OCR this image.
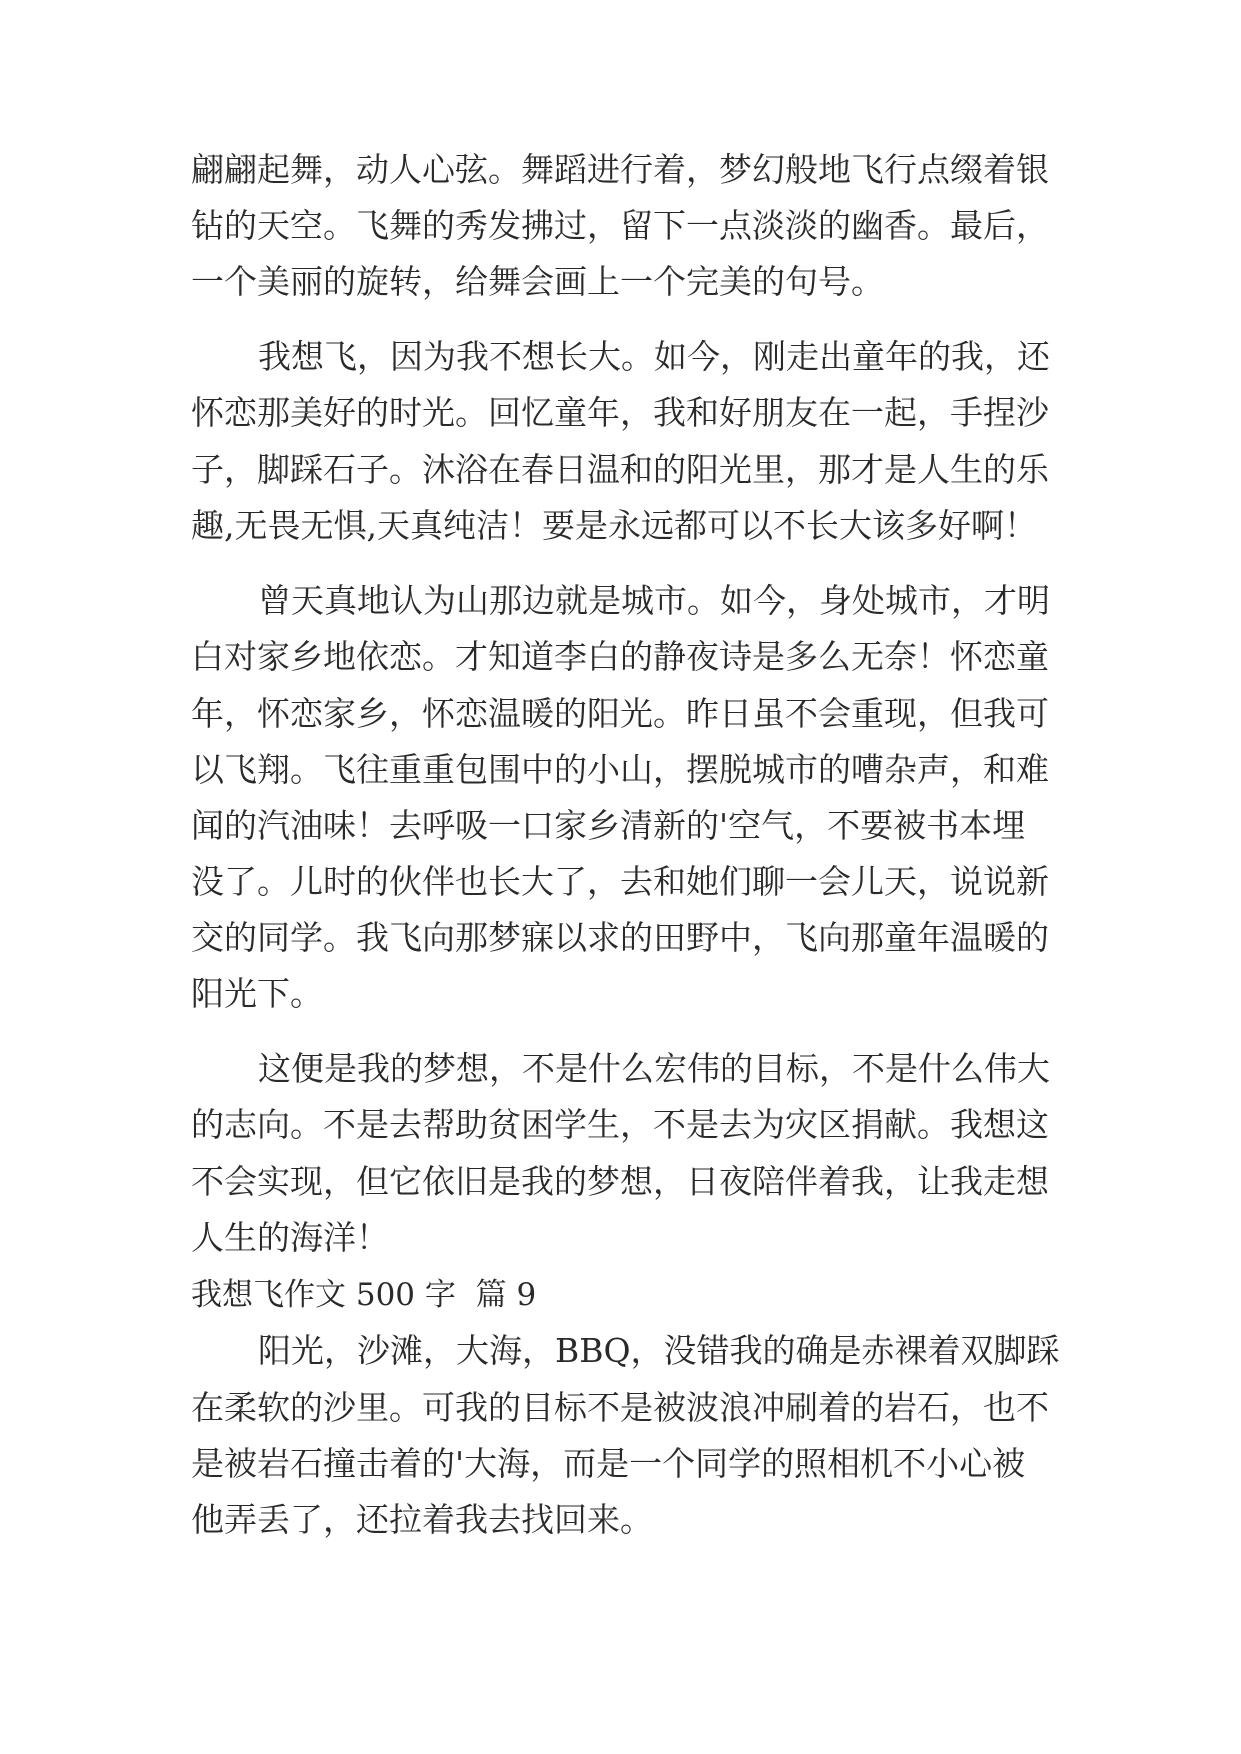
翩翩起舞，动人心弦。舞蹈进行着，梦幻般地飞行点缀着银
钻的天空。飞舞的秀发拂过，留下一点淡淡的幽香。最后，
一个美丽的旋转，给舞会画上一个完美的句号。
我想飞，因为我不想长大。如今，刚走出童年的我，还
怀恋那美好的时光。回忆童年，我和好朋友在一起，手捏沙
子，脚踩石子。沐浴在春日温和的阳光里，那才是人生的乐
趣,无畏无惧,天真纯洁！要是永远都可以不长大该多好啊！
曾天真地认为山那边就是城市。如今，身处城市，才明
白对家乡地依恋。才知道李白的静夜诗是多么无奈！怀恋童
年，怀恋家乡，怀恋温暖的阳光。昨日虽不会重现，但我可
以飞翔。飞往重重包围中的小山，摆脱城市的嘈杂声，和难
闻的汽油味！去呼吸一口家乡清新的'空气，不要被书本埋
没了。儿时的伙伴也长大了，去和她们聊一会儿天，说说新
交的同学。我飞向那梦寐以求的田野中，飞向那童年温暖的
阳光下。
这便是我的梦想，不是什么宏伟的目标，不是什么伟大
的志向。不是去帮助贫困学生，不是去为灾区捐献。我想这
不会实现，但它依旧是我的梦想，日夜陪伴着我，让我走想
人生的海洋！
我想飞作文 500 字  篇 9
阳光，沙滩，大海，BBQ，没错我的确是赤裸着双脚踩
在柔软的沙里。可我的目标不是被波浪冲刷着的岩石，也不
是被岩石撞击着的'大海，而是一个同学的照相机不小心被
他弄丢了，还拉着我去找回来。
